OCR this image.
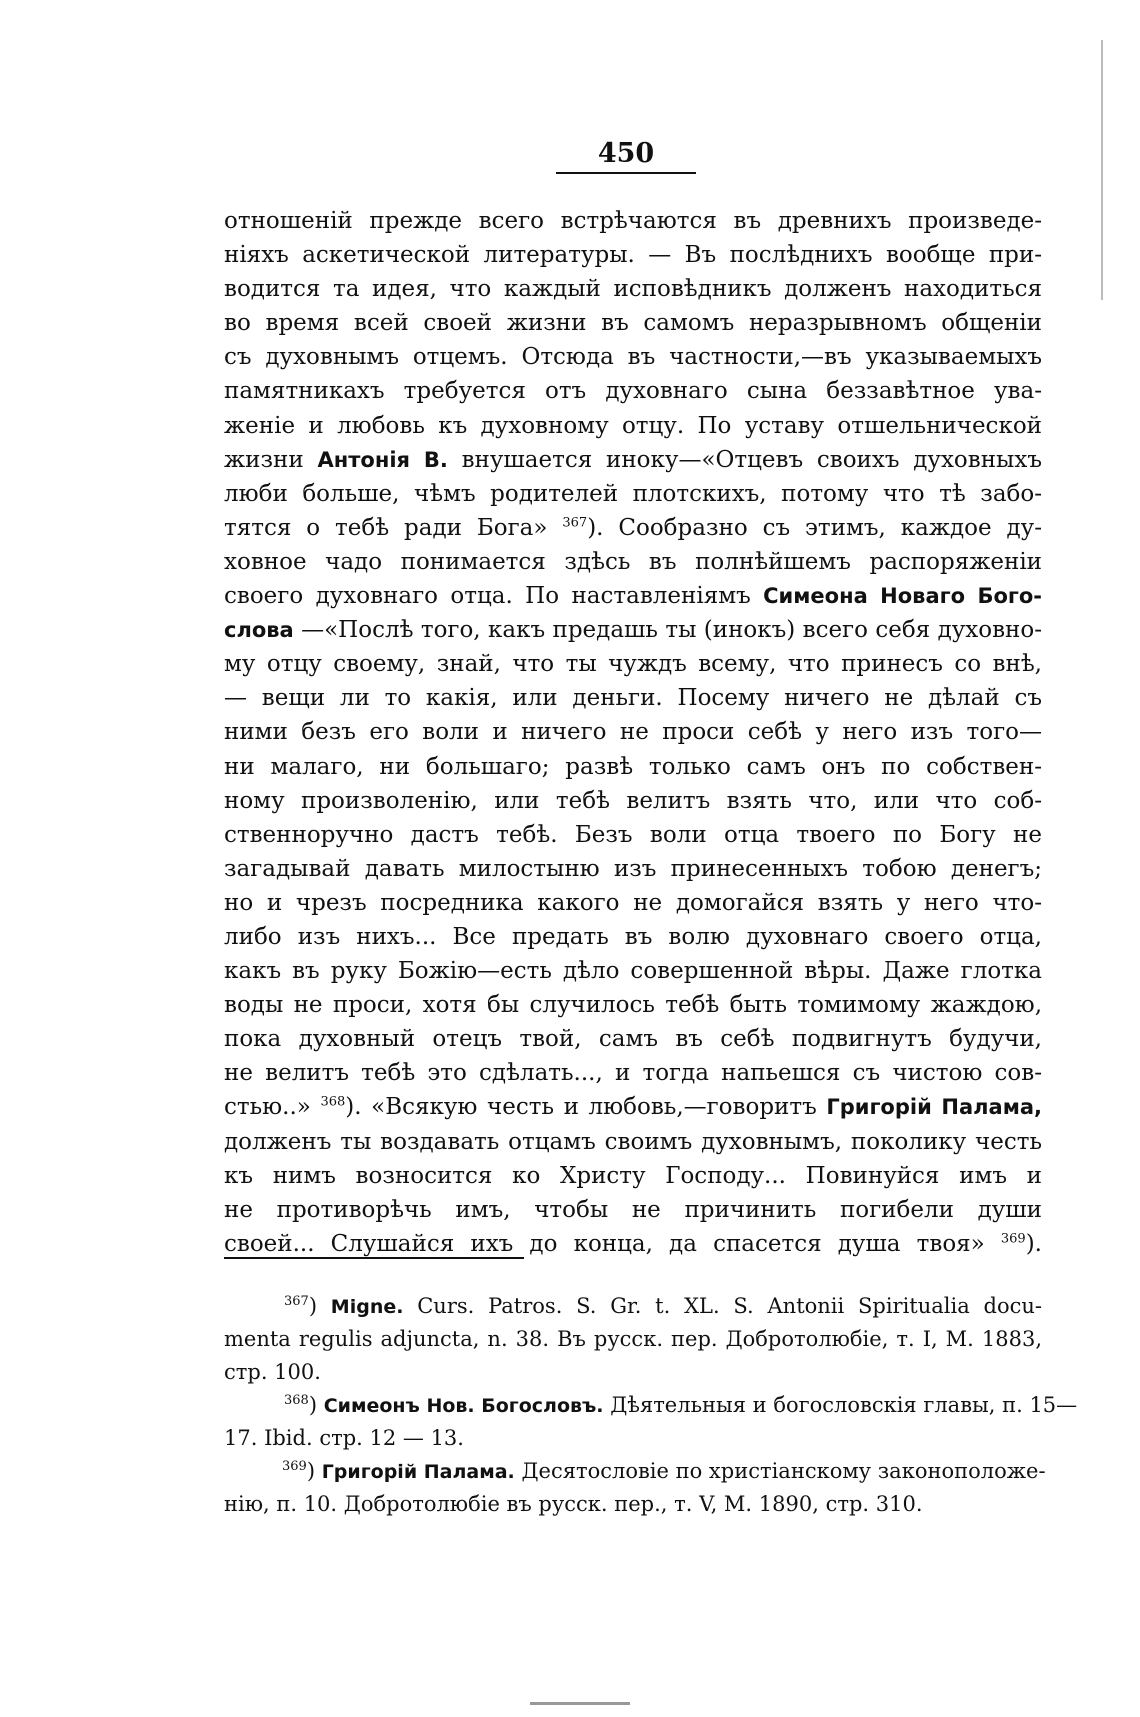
450
отношеній прежде всего встрѣчаются въ древнихъ произведе-
ніяхъ аскетической литературы. — Въ послѣднихъ вообще при-
водится та идея, что каждый исповѣдникъ долженъ находиться
во время всей своей жизни въ самомъ неразрывномъ общеніи
съ духовнымъ отцемъ. Отсюда въ частности,—въ указываемыхъ
памятникахъ требуется отъ духовнаго сына беззавѣтное ува-
женіе и любовь къ духовному отцу. По уставу отшельнической
жизни Антонія В. внушается иноку—«Отцевъ своихъ духовныхъ
люби больше, чѣмъ родителей плотскихъ, потому что тѣ забо-
тятся о тебѣ ради Бога» $^{367}$). Сообразно съ этимъ, каждое ду-
ховное чадо понимается здѣсь въ полнѣйшемъ распоряженіи
своего духовнаго отца. По наставленіямъ Симеона Новаго Бого-
слова —«Послѣ того, какъ предашь ты (инокъ) всего себя духовно-
му отцу своему, знай, что ты чуждъ всему, что принесъ со внѣ,
— вещи ли то какія, или деньги. Посему ничего не дѣлай съ
ними безъ его воли и ничего не проси себѣ у него изъ того—
ни малаго, ни большаго; развѣ только самъ онъ по собствен-
ному произволенію, или тебѣ велитъ взять что, или что соб-
ственноручно дастъ тебѣ. Безъ воли отца твоего по Богу не
загадывай давать милостыню изъ принесенныхъ тобою денегъ;
но и чрезъ посредника какого не домогайся взять у него что-
либо изъ нихъ... Все предать въ волю духовнаго своего отца,
какъ въ руку Божію—есть дѣло совершенной вѣры. Даже глотка
воды не проси, хотя бы случилось тебѣ быть томимому жаждою,
пока духовный отецъ твой, самъ въ себѣ подвигнутъ будучи,
не велитъ тебѣ это сдѣлать..., и тогда напьешся съ чистою сов-
стью..» $^{368}$). «Всякую честь и любовь,—говоритъ Григорій Палама,
долженъ ты воздавать отцамъ своимъ духовнымъ, поколику честь
къ нимъ возносится ко Христу Господу... Повинуйся имъ и
не противорѣчь имъ, чтобы не причинить погибели души
своей... Слушайся ихъ до конца, да спасется душа твоя» $^{369}$).
$^{367}$) Migne. Curs. Patros. S. Gr. t. XL. S. Antonii Spiritualia docu-
menta regulis adjuncta, n. 38. Въ русск. пер. Добротолюбіе, т. I, М. 1883,
стр. 100.
$^{368}$) Симеонъ Нов. Богословъ. Дѣятельныя и богословскія главы, п. 15—
17. Ibid. стр. 12 — 13.
$^{369}$) Григорій Палама. Десятословіе по христіанскому законоположе-
нію, п. 10. Добротолюбіе въ русск. пер., т. V, М. 1890, стр. 310.
